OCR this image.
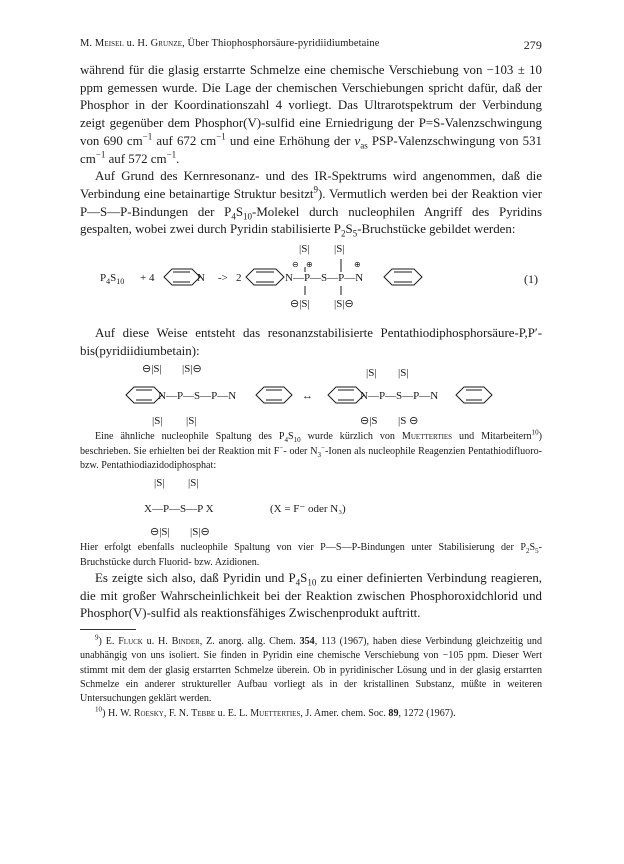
M. Meisel u. H. Grunze, Über Thiophosphorsäure-pyridiidiumbetaine	279

während für die glasig erstarrte Schmelze eine chemische Verschiebung von −103 ± 10 ppm gemessen wurde. Die Lage der chemischen Verschiebungen spricht dafür, daß der Phosphor in der Koordinationszahl 4 vorliegt. Das Ultrarotspektrum der Verbindung zeigt gegenüber dem Phosphor(V)-sulfid eine Erniedrigung der P=S-Valenzschwingung von 690 $cm^{-1}$ auf 672 $cm^{-1}$ und eine Erhöhung der $\nu_{as}$ PSP-Valenzschwingung von 531 $cm^{-1}$ auf 572 $cm^{-1}$.

Auf Grund des Kernresonanz- und des IR-Spektrums wird angenommen, daß die Verbindung eine betainartige Struktur besitzt$^9$). Vermutlich werden bei der Reaktion vier P—S—P-Bindungen der $P_4S_{10}$-Molekel durch nucleophilen Angriff des Pyridins gespalten, wobei zwei durch Pyridin stabilisierte $P_2S_5$-Bruchstücke gebildet werden:

$P_4S_{10} + 4$	N -> 2	N—P—S—P—N
|S| |S|
⊖ ⊕	⊕
⊖|S| |S|⊖
(1)

Auf diese Weise entsteht das resonanzstabilisierte Pentathiodiphosphorsäure-P,P′-bis(pyridiidiumbetain):

⊖|S| |S|⊖
N—P—S—P—N
|S| |S|
↔
|S| |S|
N—P—S—P—N
⊖|S |S ⊖

Eine ähnliche nucleophile Spaltung des $P_4S_{10}$ wurde kürzlich von Muetterties und Mitarbeitern$^{10}$) beschrieben. Sie erhielten bei der Reaktion mit F−- oder $N_3^-$-Ionen als nucleophile Reagenzien Pentathiodifluoro- bzw. Pentathiodiazidodiphosphat:

|S| |S|
X—P—S—P X
⊖|S| |S|⊖
(X = F⁻ oder N₃)

Hier erfolgt ebenfalls nucleophile Spaltung von vier P—S—P-Bindungen unter Stabilisierung der $P_2S_5$-Bruchstücke durch Fluorid- bzw. Azidionen.

Es zeigte sich also, daß Pyridin und $P_4S_{10}$ zu einer definierten Verbindung reagieren, die mit großer Wahrscheinlichkeit bei der Reaktion zwischen Phosphoroxidchlorid und Phosphor(V)-sulfid als reaktionsfähiges Zwischenprodukt auftritt.

$^9$) E. Fluck u. H. Binder, Z. anorg. allg. Chem. 354, 113 (1967), haben diese Verbindung gleichzeitig und unabhängig von uns isoliert. Sie finden in Pyridin eine chemische Verschiebung von −105 ppm. Dieser Wert stimmt mit dem der glasig erstarrten Schmelze überein. Ob in pyridinischer Lösung und in der glasig erstarrten Schmelze ein anderer struktureller Aufbau vorliegt als in der kristallinen Substanz, müßte in weiteren Untersuchungen geklärt werden.

$^{10}$) H. W. Roesky, F. N. Tebbe u. E. L. Muetterties, J. Amer. chem. Soc. 89, 1272 (1967).
